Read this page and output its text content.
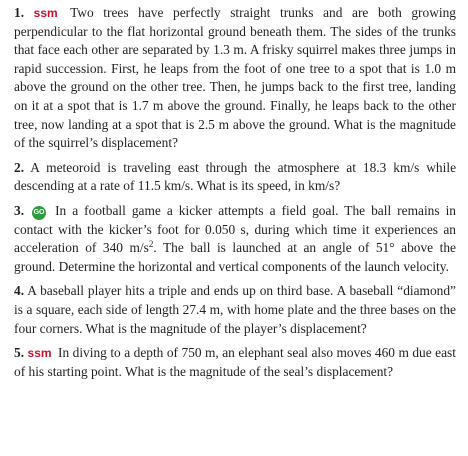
1. ssm Two trees have perfectly straight trunks and are both growing perpendicular to the flat horizontal ground beneath them. The sides of the trunks that face each other are separated by 1.3 m. A frisky squirrel makes three jumps in rapid succession. First, he leaps from the foot of one tree to a spot that is 1.0 m above the ground on the other tree. Then, he jumps back to the first tree, landing on it at a spot that is 1.7 m above the ground. Finally, he leaps back to the other tree, now landing at a spot that is 2.5 m above the ground. What is the magnitude of the squirrel’s displacement?

2. A meteoroid is traveling east through the atmosphere at 18.3 km/s while descending at a rate of 11.5 km/s. What is its speed, in km/s?

3. GO In a football game a kicker attempts a field goal. The ball remains in contact with the kicker’s foot for 0.050 s, during which time it experiences an acceleration of 340 $m/s^2$. The ball is launched at an angle of 51° above the ground. Determine the horizontal and vertical components of the launch velocity.

4. A baseball player hits a triple and ends up on third base. A baseball “diamond” is a square, each side of length 27.4 m, with home plate and the three bases on the four corners. What is the magnitude of the player’s displacement?

5. ssm In diving to a depth of 750 m, an elephant seal also moves 460 m due east of his starting point. What is the magnitude of the seal’s displacement?
